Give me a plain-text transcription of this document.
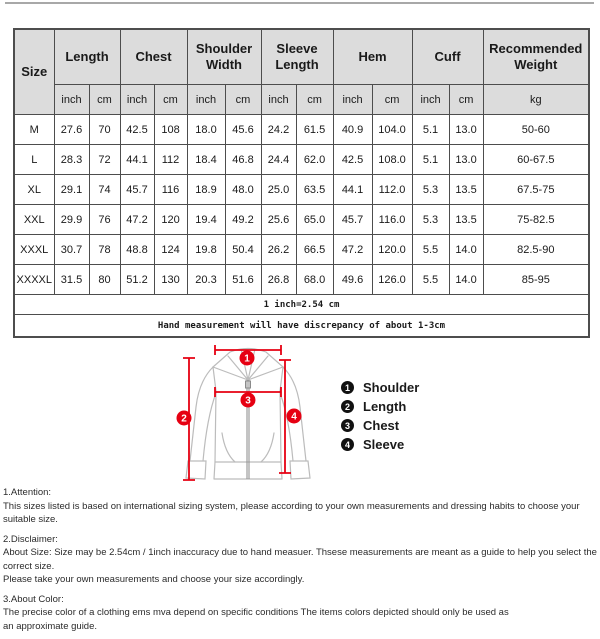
Size	Length		Chest		Shoulder Width		Sleeve Length		Hem		Cuff		Recommended Weight
	inch	cm	inch	cm	inch	cm	inch	cm	inch	cm	inch	cm	kg
M	27.6	70	42.5	108	18.0	45.6	24.2	61.5	40.9	104.0	5.1	13.0	50-60
L	28.3	72	44.1	112	18.4	46.8	24.4	62.0	42.5	108.0	5.1	13.0	60-67.5
XL	29.1	74	45.7	116	18.9	48.0	25.0	63.5	44.1	112.0	5.3	13.5	67.5-75
XXL	29.9	76	47.2	120	19.4	49.2	25.6	65.0	45.7	116.0	5.3	13.5	75-82.5
XXXL	30.7	78	48.8	124	19.8	50.4	26.2	66.5	47.2	120.0	5.5	14.0	82.5-90
XXXXL	31.5	80	51.2	130	20.3	51.6	26.8	68.0	49.6	126.0	5.5	14.0	85-95
1 inch=2.54 cm													
Hand measurement will have discrepancy of about 1-3cm													
1
2
3
4
1	Shoulder
2	Length
3	Chest
4	Sleeve

1.Attention:

This sizes listed is based on international sizing system, please according to your own measurements and dressing habits to choose your suitable size.

2.Disclaimer:

About Size: Size may be 2.54cm / 1inch inaccuracy due to hand measuer. Thsese measurements are meant as a guide to help you select the correct size.

Please take your own measurements and choose your size accordingly.

3.About Color:

The precise color of a clothing ems mva depend on specific conditions The items colors depicted should only be used as

an approximate guide.
